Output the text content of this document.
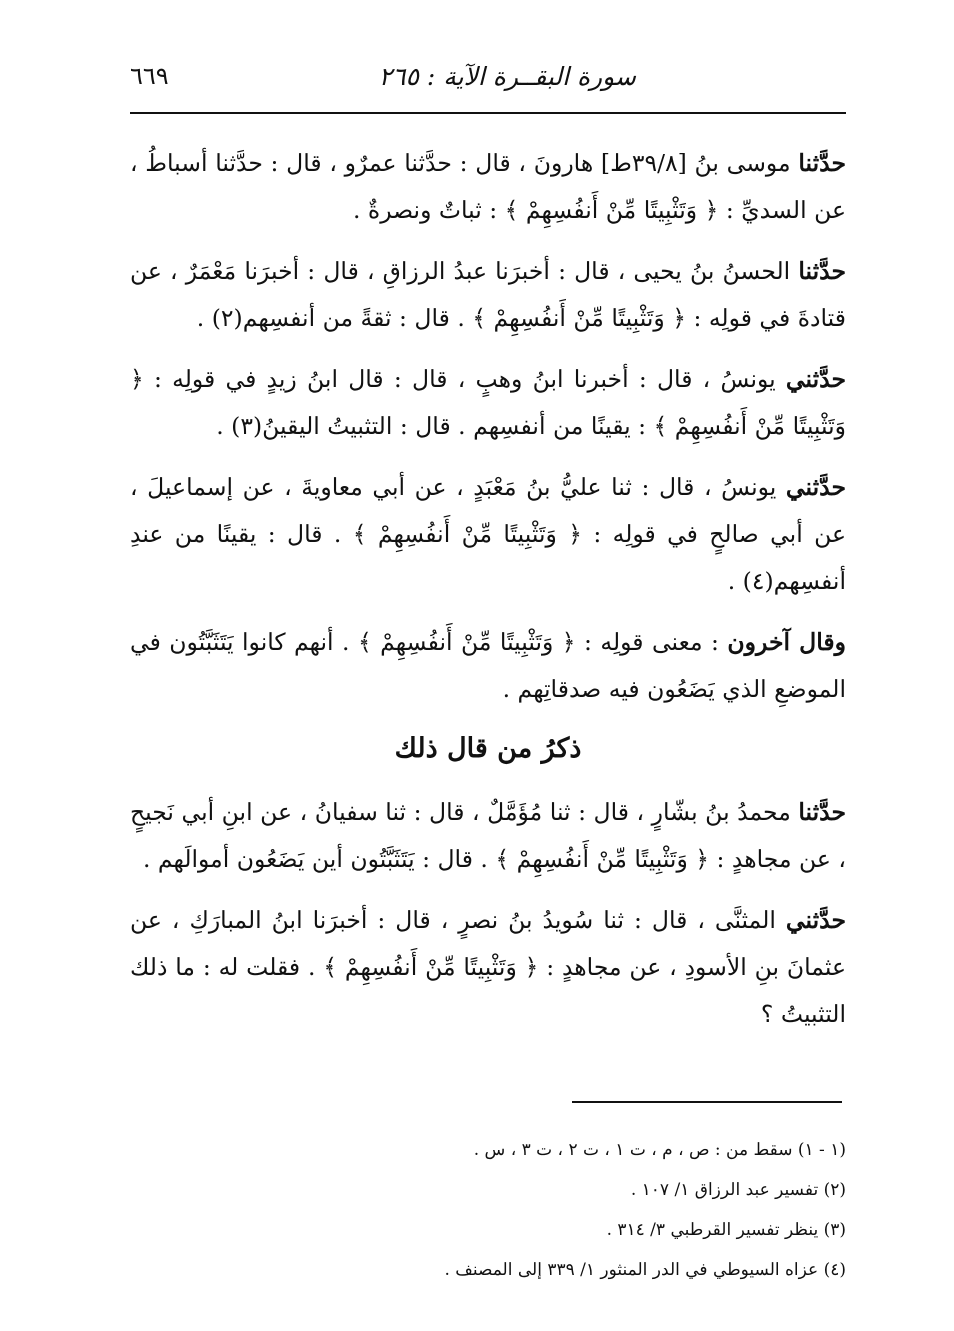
سورة البقــرة الآية : ٢٦٥
٦٦٩

حدَّثنا موسى بنُ [٣٩/٨ط] هارونَ ، قال : حدَّثنا عمرٌو ، قال : حدَّثنا أسباطُ ، عن السديِّ : ﴿ وَتَثْبِيتًا مِّنْ أَنفُسِهِمْ ﴾ : ثباتٌ ونصرةٌ .

حدَّثنا الحسنُ بنُ يحيى ، قال : أخبرَنا عبدُ الرزاقِ ، قال : أخبرَنا مَعْمَرٌ ، عن قتادةَ في قولِه : ﴿ وَتَثْبِيتًا مِّنْ أَنفُسِهِمْ ﴾ . قال : ثقةً من أنفسِهم(٢) .

حدَّثني يونسُ ، قال : أخبرنا ابنُ وهبٍ ، قال : قال ابنُ زيدٍ في قولِه : ﴿ وَتَثْبِيتًا مِّنْ أَنفُسِهِمْ ﴾ : يقينًا من أنفسِهم . قال : التثبيتُ اليقينُ(٣) .

حدَّثني يونسُ ، قال : ثنا عليُّ بنُ مَعْبَدٍ ، عن أبي معاويةَ ، عن إسماعيلَ ، عن أبي صالحٍ في قولِه : ﴿ وَتَثْبِيتًا مِّنْ أَنفُسِهِمْ ﴾ . قال : يقينًا من عندِ أنفسِهم(٤) .

وقال آخرون : معنى قولِه : ﴿ وَتَثْبِيتًا مِّنْ أَنفُسِهِمْ ﴾ . أنهم كانوا يَتَثَبَّتُون في الموضعِ الذي يَضَعُون فيه صدقاتِهم .

ذكرُ من قال ذلك

حدَّثنا محمدُ بنُ بشّارٍ ، قال : ثنا مُؤَمَّلٌ ، قال : ثنا سفيانُ ، عن ابنِ أبي نَجيحٍ ، عن مجاهدٍ : ﴿ وَتَثْبِيتًا مِّنْ أَنفُسِهِمْ ﴾ . قال : يَتَثَبَّتُون أين يَضَعُون أموالَهم .

حدَّثني المثنَّى ، قال : ثنا سُويدُ بنُ نصرٍ ، قال : أخبرَنا ابنُ المبارَكِ ، عن عثمانَ بنِ الأسودِ ، عن مجاهدٍ : ﴿ وَتَثْبِيتًا مِّنْ أَنفُسِهِمْ ﴾ . فقلت له : ما ذلك التثبيتُ ؟

(١ - ١) سقط من : ص ، م ، ت ١ ، ت ٢ ، ت ٣ ، س .

(٢) تفسير عبد الرزاق ١/ ١٠٧ .

(٣) ينظر تفسير القرطبي ٣/ ٣١٤ .

(٤) عزاه السيوطي في الدر المنثور ١/ ٣٣٩ إلى المصنف .
